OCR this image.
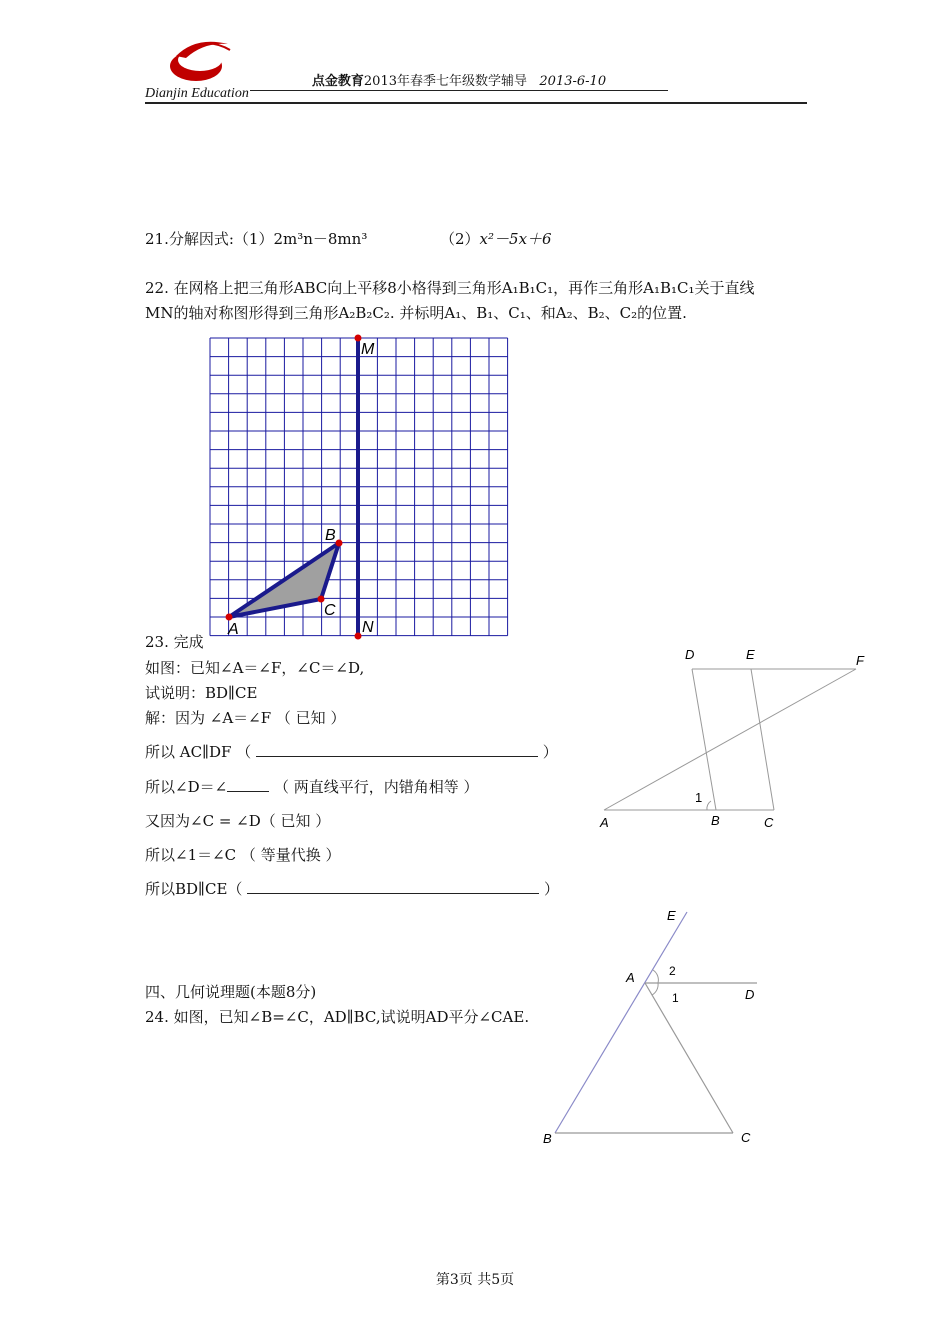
点金教育2013年春季七年级数学辅导 2013-6-10
Dianjin Education
21.分解因式:（1）2m³n－8mn³	（2）x²－5x＋6
22. 在网格上把三角形ABC向上平移8小格得到三角形A₁B₁C₁，再作三角形A₁B₁C₁关于直线
MN的轴对称图形得到三角形A₂B₂C₂. 并标明A₁、B₁、C₁、和A₂、B₂、C₂的位置.
M
N
A
B
C
23. 完成
如图：已知∠A＝∠F，∠C＝∠D,
试说明：BD∥CE
解：因为 ∠A＝∠F （ 已知 ）
所以 AC∥DF （	）
所以∠D＝∠	（ 两直线平行，内错角相等 ）
又因为∠C = ∠D（ 已知 ）
所以∠1＝∠C （ 等量代换 ）
所以BD∥CE（	）
D	E	F
A	B	C
1
四、几何说理题(本题8分)
24. 如图，已知∠B=∠C，AD∥BC,试说明AD平分∠CAE.
E
A
D
B	C
2
1
第3页 共5页
